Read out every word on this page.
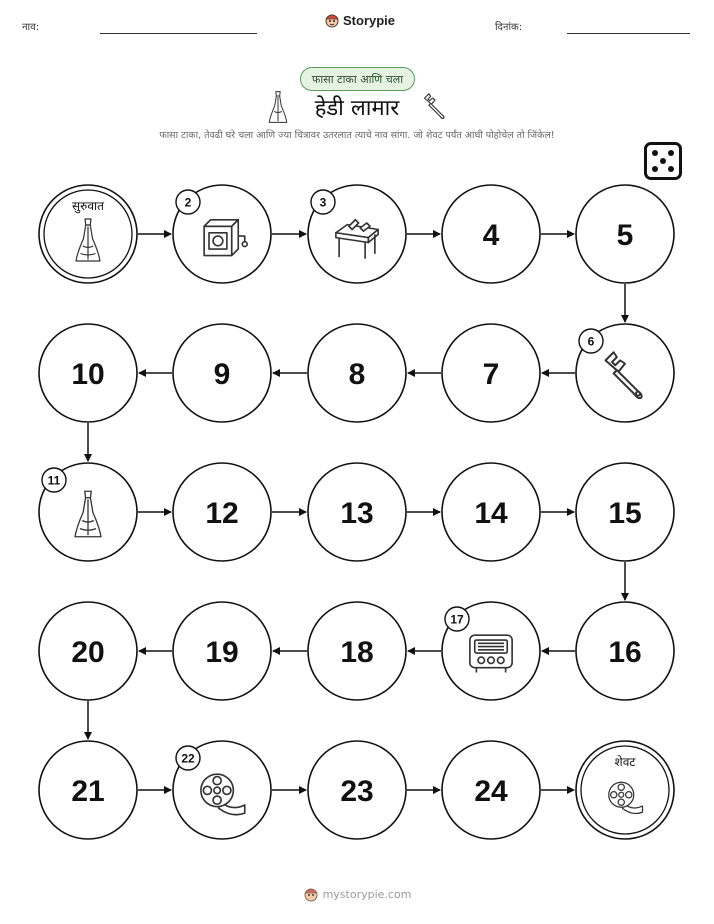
नाव:	Storypie	दिनांक:
फासा टाका आणि चला
हेडी लामार
फासा टाका, तेवढी घरे चला आणि ज्या चित्रावर उतरलात त्याचे नाव सांगा. जो शेवट पर्यंत आधी पोहोचेल तो जिंकेल!
सुरुवात	2	3
4	5
6
7
8
9
10
11
12	13	14	15
16
17
18
19
20
21
22
23	24
शेवट
mystorypie.com
